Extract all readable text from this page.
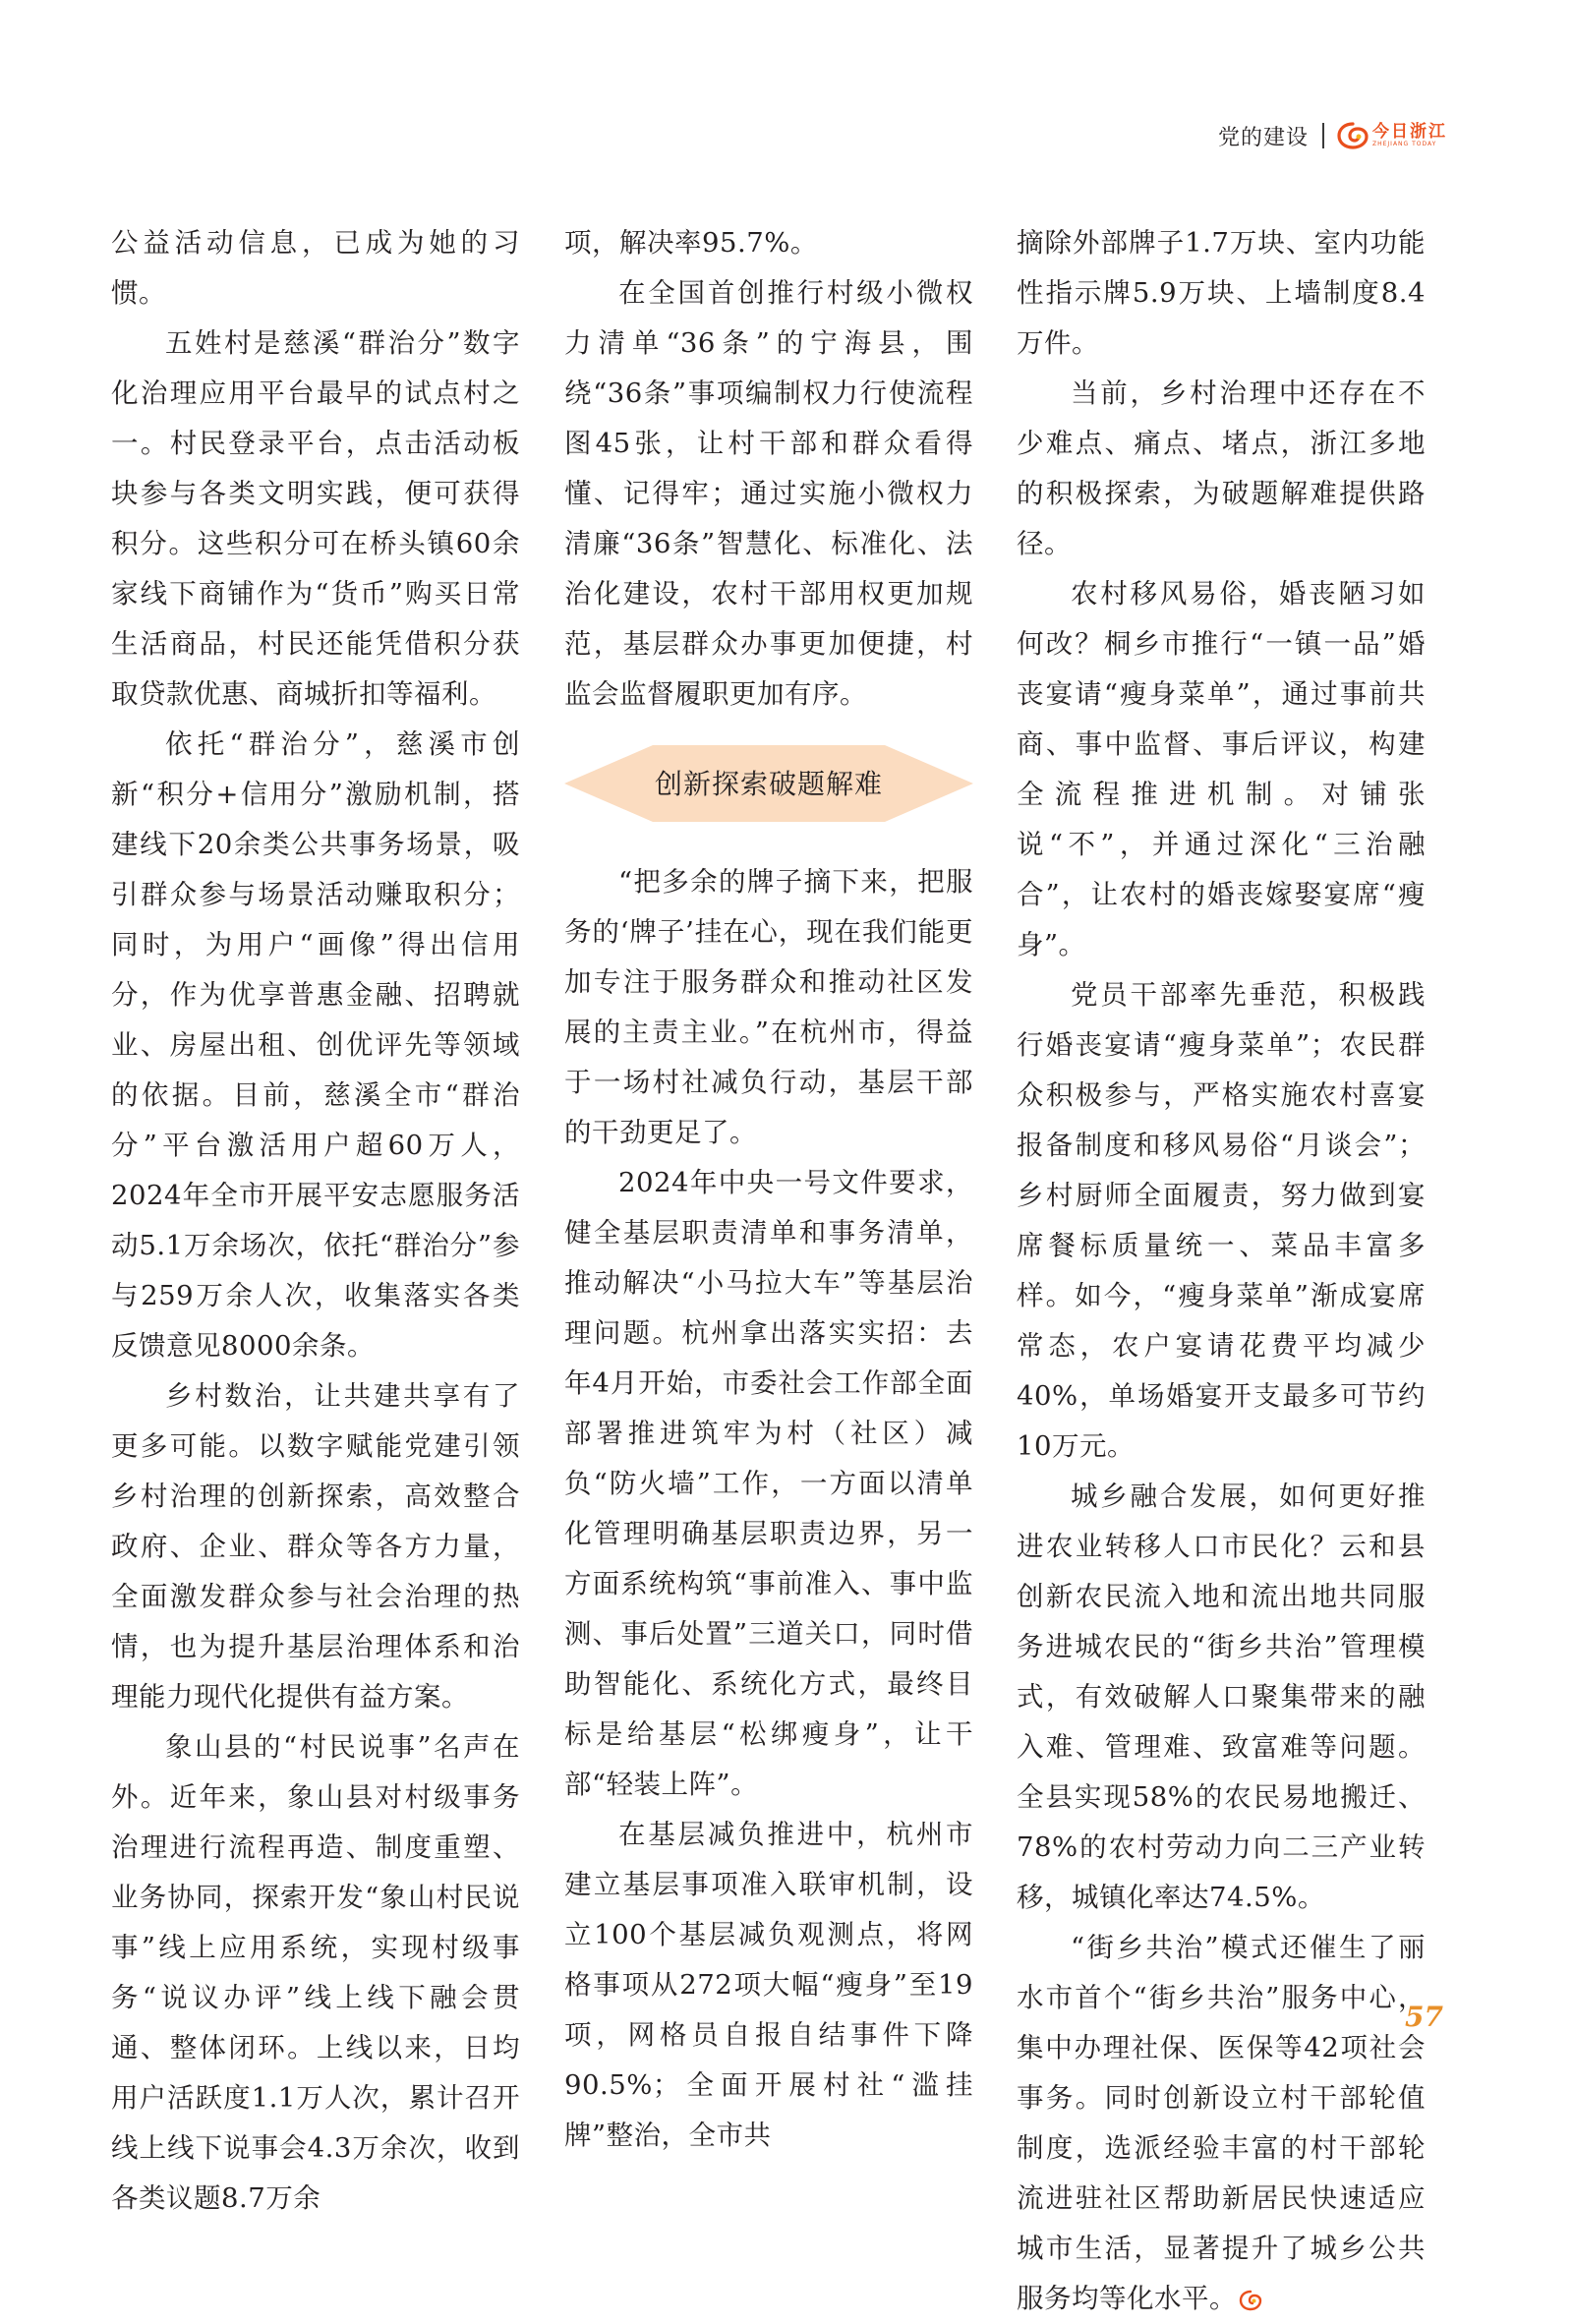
党的建设	今日浙江
ZHEJIANG TODAY

公益活动信息，已成为她的习惯。

五姓村是慈溪“群治分”数字化治理应用平台最早的试点村之一。村民登录平台，点击活动板块参与各类文明实践，便可获得积分。这些积分可在桥头镇60余家线下商铺作为“货币”购买日常生活商品，村民还能凭借积分获取贷款优惠、商城折扣等福利。

依托“群治分”，慈溪市创新“积分+信用分”激励机制，搭建线下20余类公共事务场景，吸引群众参与场景活动赚取积分；同时，为用户“画像”得出信用分，作为优享普惠金融、招聘就业、房屋出租、创优评先等领域的依据。目前，慈溪全市“群治分”平台激活用户超60万人，2024年全市开展平安志愿服务活动5.1万余场次，依托“群治分”参与259万余人次，收集落实各类反馈意见8000余条。

乡村数治，让共建共享有了更多可能。以数字赋能党建引领乡村治理的创新探索，高效整合政府、企业、群众等各方力量，全面激发群众参与社会治理的热情，也为提升基层治理体系和治理能力现代化提供有益方案。

象山县的“村民说事”名声在外。近年来，象山县对村级事务治理进行流程再造、制度重塑、业务协同，探索开发“象山村民说事”线上应用系统，实现村级事务“说议办评”线上线下融会贯通、整体闭环。上线以来，日均用户活跃度1.1万人次，累计召开线上线下说事会4.3万余次，收到各类议题8.7万余

项，解决率95.7%。

在全国首创推行村级小微权力清单“36条”的宁海县，围绕“36条”事项编制权力行使流程图45张，让村干部和群众看得懂、记得牢；通过实施小微权力清廉“36条”智慧化、标准化、法治化建设，农村干部用权更加规范，基层群众办事更加便捷，村监会监督履职更加有序。

创新探索破题解难

“把多余的牌子摘下来，把服务的‘牌子’挂在心，现在我们能更加专注于服务群众和推动社区发展的主责主业。”在杭州市，得益于一场村社减负行动，基层干部的干劲更足了。

2024年中央一号文件要求，健全基层职责清单和事务清单，推动解决“小马拉大车”等基层治理问题。杭州拿出落实实招：去年4月开始，市委社会工作部全面部署推进筑牢为村（社区）减负“防火墙”工作，一方面以清单化管理明确基层职责边界，另一方面系统构筑“事前准入、事中监测、事后处置”三道关口，同时借助智能化、系统化方式，最终目标是给基层“松绑瘦身”，让干部“轻装上阵”。

在基层减负推进中，杭州市建立基层事项准入联审机制，设立100个基层减负观测点，将网格事项从272项大幅“瘦身”至19项，网格员自报自结事件下降90.5%；全面开展村社“滥挂牌”整治，全市共

摘除外部牌子1.7万块、室内功能性指示牌5.9万块、上墙制度8.4万件。

当前，乡村治理中还存在不少难点、痛点、堵点，浙江多地的积极探索，为破题解难提供路径。

农村移风易俗，婚丧陋习如何改？桐乡市推行“一镇一品”婚丧宴请“瘦身菜单”，通过事前共商、事中监督、事后评议，构建全流程推进机制。对铺张说“不”，并通过深化“三治融合”，让农村的婚丧嫁娶宴席“瘦身”。

党员干部率先垂范，积极践行婚丧宴请“瘦身菜单”；农民群众积极参与，严格实施农村喜宴报备制度和移风易俗“月谈会”；乡村厨师全面履责，努力做到宴席餐标质量统一、菜品丰富多样。如今，“瘦身菜单”渐成宴席常态，农户宴请花费平均减少40%，单场婚宴开支最多可节约10万元。

城乡融合发展，如何更好推进农业转移人口市民化？云和县创新农民流入地和流出地共同服务进城农民的“街乡共治”管理模式，有效破解人口聚集带来的融入难、管理难、致富难等问题。全县实现58%的农民易地搬迁、78%的农村劳动力向二三产业转移，城镇化率达74.5%。

“街乡共治”模式还催生了丽水市首个“街乡共治”服务中心，集中办理社保、医保等42项社会事务。同时创新设立村干部轮值制度，选派经验丰富的村干部轮流进驻社区帮助新居民快速适应城市生活，显著提升了城乡公共服务均等化水平。

57
